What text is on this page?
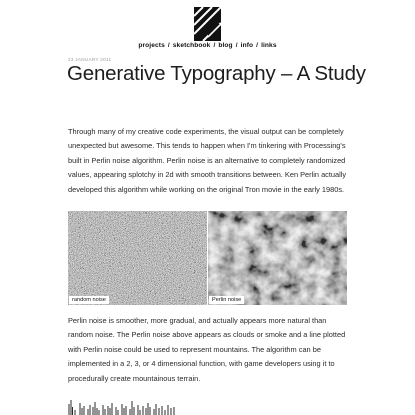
projects / sketchbook / blog / info / links
23 JANUARY 2011
Generative Typography – A Study

Through many of my creative code experiments, the visual output can be completely unexpected but awesome. This tends to happen when I'm tinkering with Processing's built in Perlin noise algorithm. Perlin noise is an alternative to completely randomized values, appearing splotchy in 2d with smooth transitions between. Ken Perlin actually developed this algorithm while working on the original Tron movie in the early 1980s.

random noise	Perlin noise

Perlin noise is smoother, more gradual, and actually appears more natural than random noise. The Perlin noise above appears as clouds or smoke and a line plotted with Perlin noise could be used to represent mountains. The algorithm can be implemented in a 2, 3, or 4 dimensional function, with game developers using it to procedurally create mountainous terrain.
